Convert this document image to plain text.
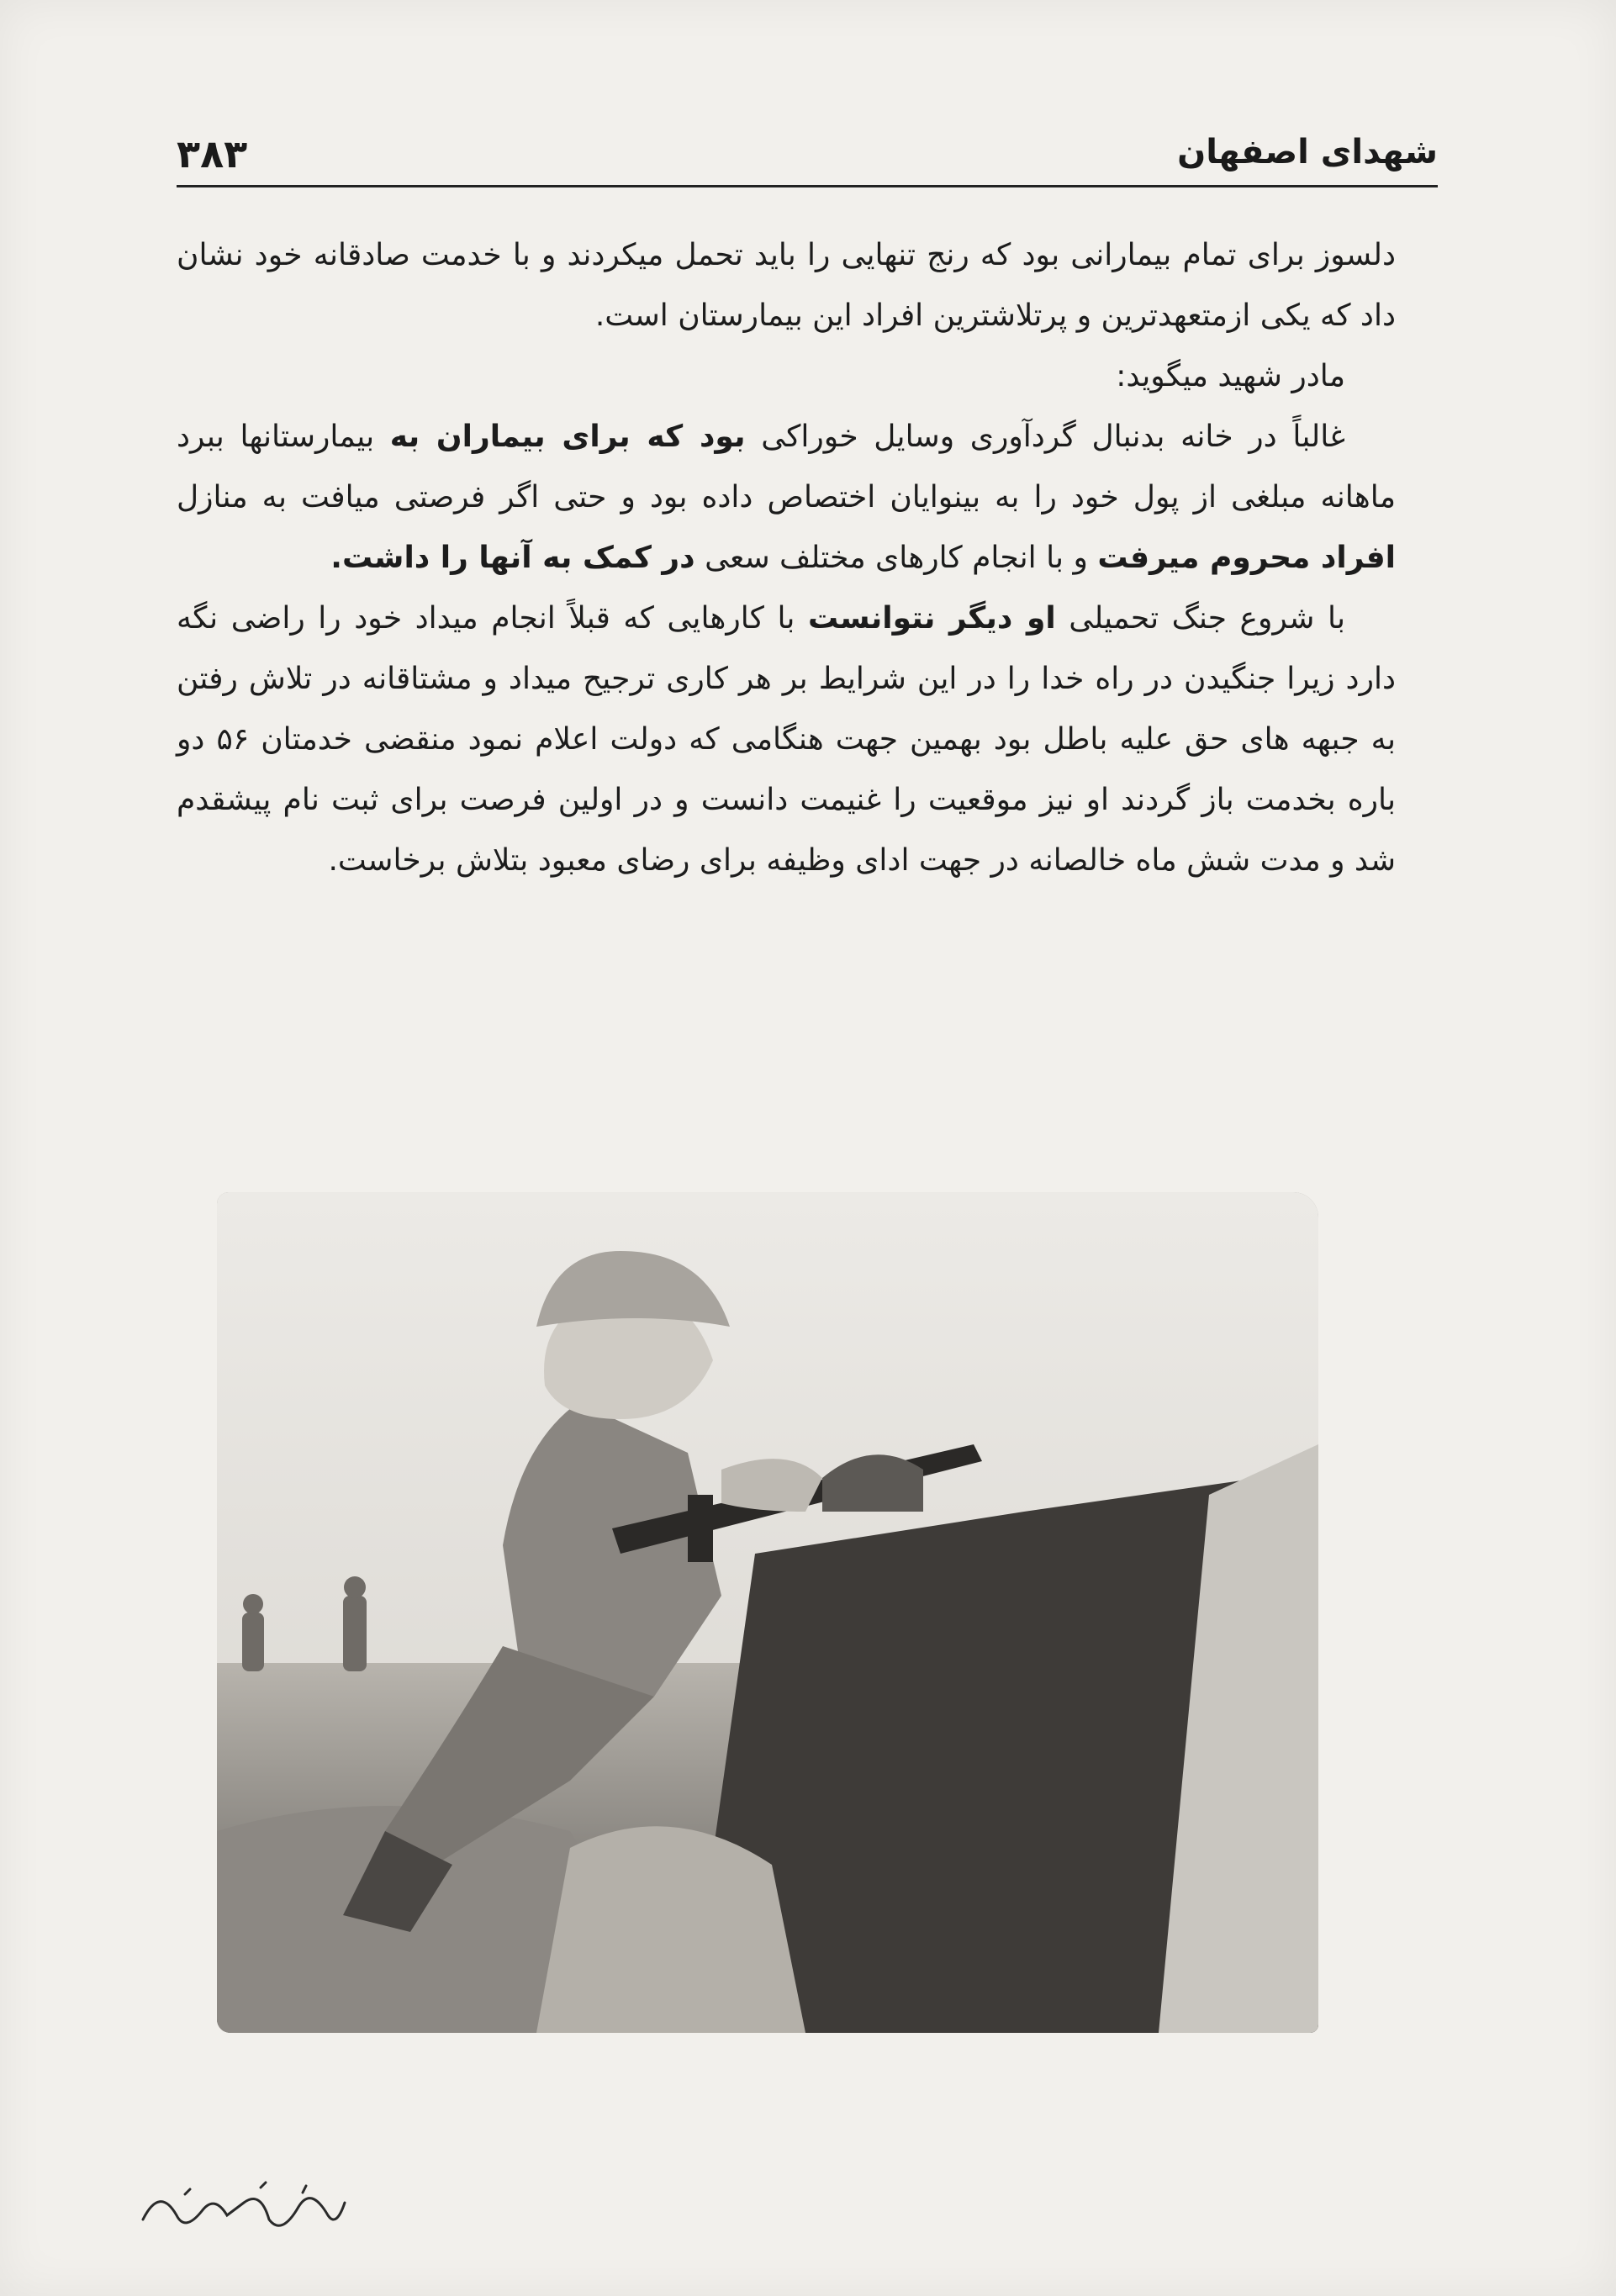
۳۸۳	شهدای اصفهان

دلسوز برای تمام بیمارانی بود که رنج تنهایی را باید تحمل میکردند و با خدمت صادقانه خود نشان داد که یکی ازمتعهدترین و پرتلاشترین افراد این بیمارستان است.

مادر شهید میگوید:

غالباً در خانه بدنبال گردآوری وسایل خوراکی بود که برای بیماران به بیمارستانها ببرد ماهانه مبلغی از پول خود را به بینوایان اختصاص داده بود و حتی اگر فرصتی میافت به منازل افراد محروم میرفت و با انجام کارهای مختلف سعی در کمک به آنها را داشت.

با شروع جنگ تحمیلی او دیگر نتوانست با کارهایی که قبلاً انجام میداد خود را راضی نگه دارد زیرا جنگیدن در راه خدا را در این شرایط بر هر کاری ترجیح میداد و مشتاقانه در تلاش رفتن به جبهه های حق علیه باطل بود بهمین جهت هنگامی که دولت اعلام نمود منقضی خدمتان ۵۶ دو باره بخدمت باز گردند او نیز موقعیت را غنیمت دانست و در اولین فرصت برای ثبت نام پیشقدم شد و مدت شش ماه خالصانه در جهت ادای وظیفه برای رضای معبود بتلاش برخاست.
